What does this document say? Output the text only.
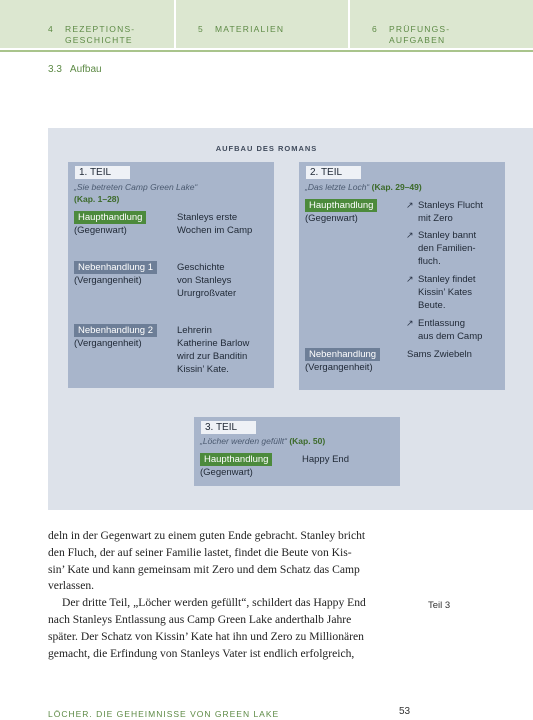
4 REZEPTIONS-
GESCHICHTE
5 MATERIALIEN	6 PRÜFUNGS-
AUFGABEN
3.3 Aufbau
AUFBAU DES ROMANS
1. TEIL
„Sie betreten Camp Green Lake“
(Kap. 1–28)
Haupthandlung
(Gegenwart)
Stanleys erste
Wochen im Camp
Nebenhandlung 1
(Vergangenheit)
Geschichte
von Stanleys
Ururgroßvater
Nebenhandlung 2
(Vergangenheit)
Lehrerin
Katherine Barlow
wird zur Banditin
Kissin’ Kate.
2. TEIL
„Das letzte Loch“ (Kap. 29–49)
Haupthandlung
(Gegenwart)
↗ Stanleys Flucht
mit Zero
↗ Stanley bannt
den Familien-
fluch.
↗ Stanley findet
Kissin’ Kates
Beute.
↗ Entlassung
aus dem Camp
Nebenhandlung
(Vergangenheit)
Sams Zwiebeln
3. TEIL
„Löcher werden gefüllt“ (Kap. 50)
Haupthandlung
(Gegenwart)
Happy End
deln in der Gegenwart zu einem guten Ende gebracht. Stanley bricht
den Fluch, der auf seiner Familie lastet, findet die Beute von Kis-
sin’ Kate und kann gemeinsam mit Zero und dem Schatz das Camp
verlassen.
Der dritte Teil, „Löcher werden gefüllt“, schildert das Happy End
nach Stanleys Entlassung aus Camp Green Lake anderthalb Jahre
später. Der Schatz von Kissin’ Kate hat ihn und Zero zu Millionären
gemacht, die Erfindung von Stanleys Vater ist endlich erfolgreich,
Teil 3
LÖCHER. DIE GEHEIMNISSE VON GREEN LAKE	53
